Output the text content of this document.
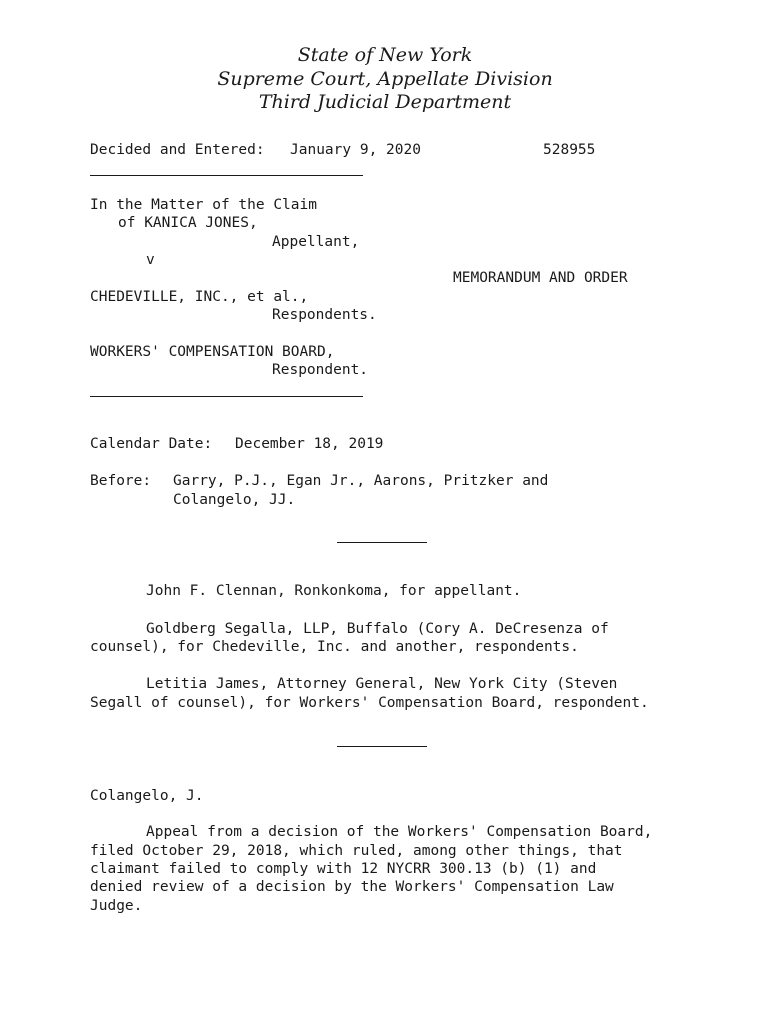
State of New York
Supreme Court, Appellate Division
Third Judicial Department
Decided and Entered: January 9, 2020	528955
In the Matter of the Claim
of KANICA JONES,
Appellant,
v
MEMORANDUM AND ORDER
CHEDEVILLE, INC., et al.,
Respondents.
WORKERS' COMPENSATION BOARD,
Respondent.
Calendar Date: December 18, 2019
Before: Garry, P.J., Egan Jr., Aarons, Pritzker and
Colangelo, JJ.
John F. Clennan, Ronkonkoma, for appellant.
Goldberg Segalla, LLP, Buffalo (Cory A. DeCresenza of
counsel), for Chedeville, Inc. and another, respondents.
Letitia James, Attorney General, New York City (Steven
Segall of counsel), for Workers' Compensation Board, respondent.
Colangelo, J.
Appeal from a decision of the Workers' Compensation Board,
filed October 29, 2018, which ruled, among other things, that
claimant failed to comply with 12 NYCRR 300.13 (b) (1) and
denied review of a decision by the Workers' Compensation Law
Judge.
